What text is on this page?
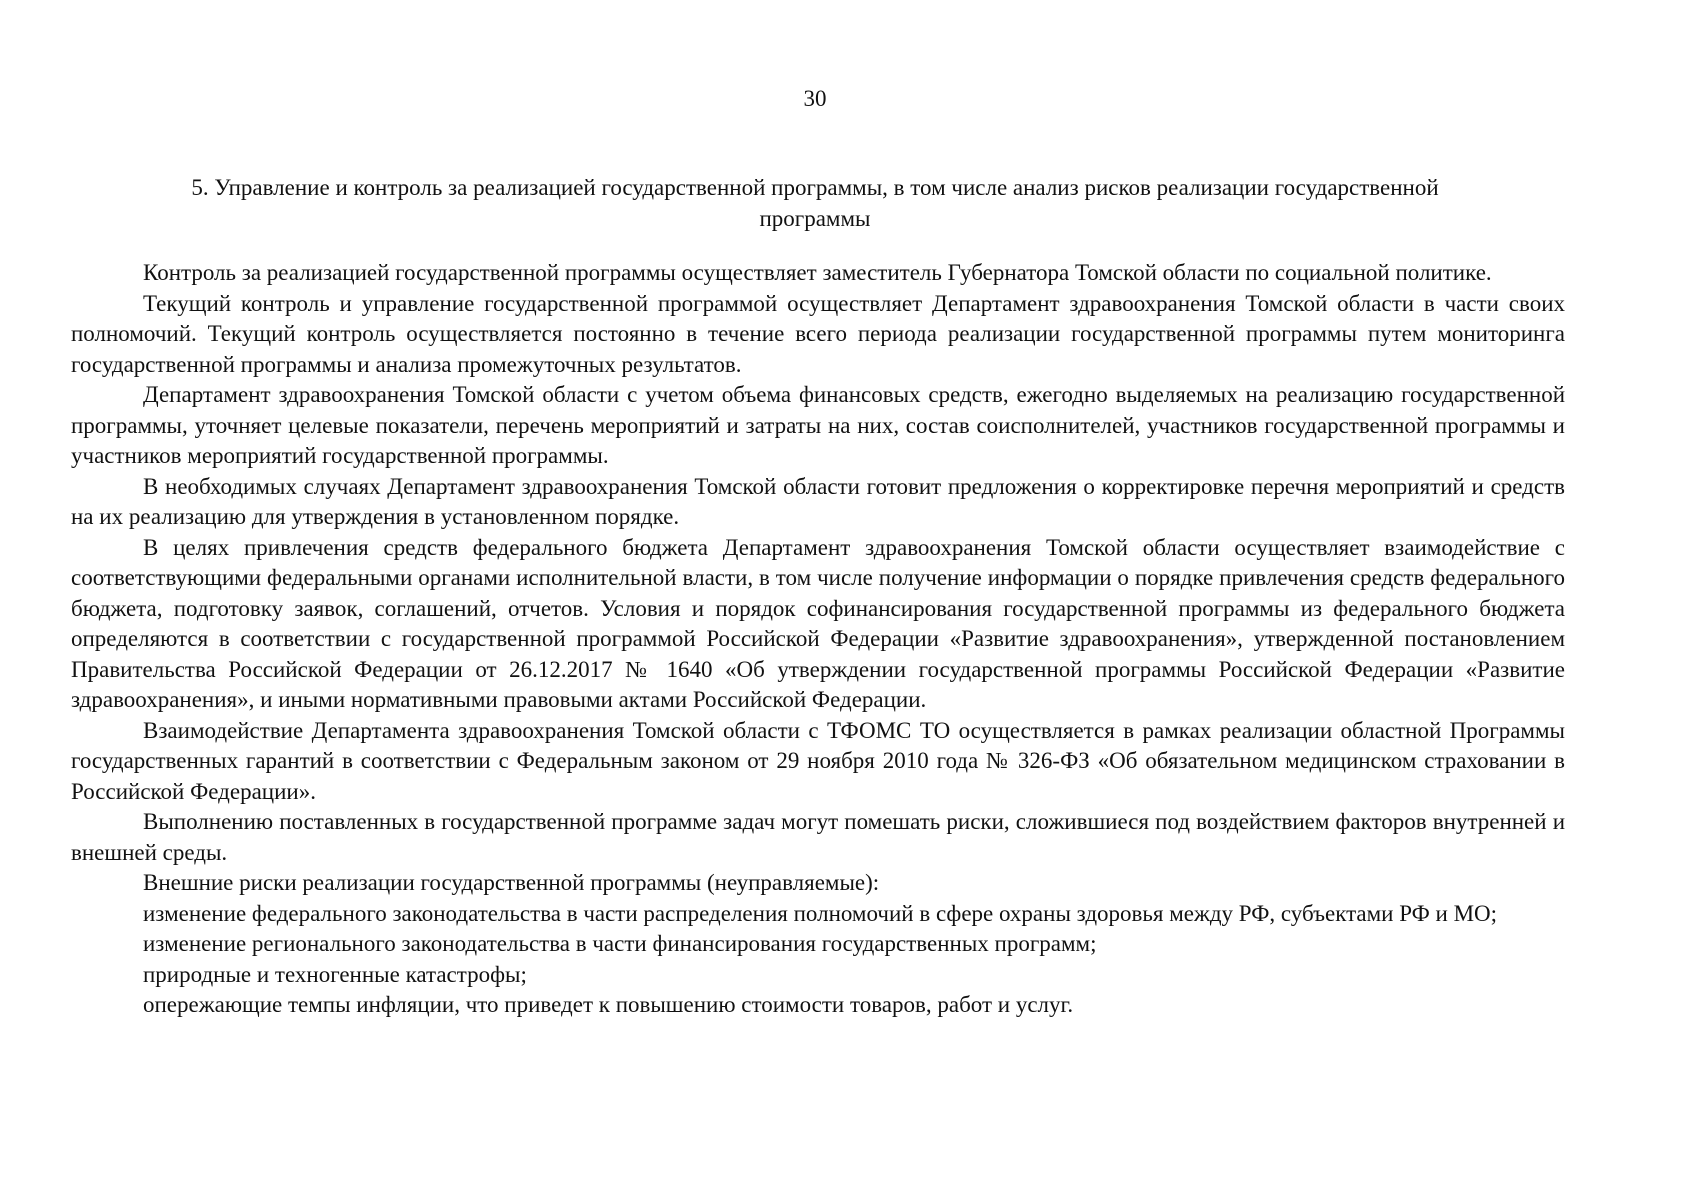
30
5. Управление и контроль за реализацией государственной программы, в том числе анализ рисков реализации государственной программы

Контроль за реализацией государственной программы осуществляет заместитель Губернатора Томской области по социальной политике.

Текущий контроль и управление государственной программой осуществляет Департамент здравоохранения Томской области в части своих полномочий. Текущий контроль осуществляется постоянно в течение всего периода реализации государственной программы путем мониторинга государственной программы и анализа промежуточных результатов.

Департамент здравоохранения Томской области с учетом объема финансовых средств, ежегодно выделяемых на реализацию государственной программы, уточняет целевые показатели, перечень мероприятий и затраты на них, состав соисполнителей, участников государственной программы и участников мероприятий государственной программы.

В необходимых случаях Департамент здравоохранения Томской области готовит предложения о корректировке перечня мероприятий и средств на их реализацию для утверждения в установленном порядке.

В целях привлечения средств федерального бюджета Департамент здравоохранения Томской области осуществляет взаимодействие с соответствующими федеральными органами исполнительной власти, в том числе получение информации о порядке привлечения средств федерального бюджета, подготовку заявок, соглашений, отчетов. Условия и порядок софинансирования государственной программы из федерального бюджета определяются в соответствии с государственной программой Российской Федерации «Развитие здравоохранения», утвержденной постановлением Правительства Российской Федерации от 26.12.2017 № 1640 «Об утверждении государственной программы Российской Федерации «Развитие здравоохранения», и иными нормативными правовыми актами Российской Федерации.

Взаимодействие Департамента здравоохранения Томской области с ТФОМС ТО осуществляется в рамках реализации областной Программы государственных гарантий в соответствии с Федеральным законом от 29 ноября 2010 года № 326-ФЗ «Об обязательном медицинском страховании в Российской Федерации».

Выполнению поставленных в государственной программе задач могут помешать риски, сложившиеся под воздействием факторов внутренней и внешней среды.

Внешние риски реализации государственной программы (неуправляемые):

изменение федерального законодательства в части распределения полномочий в сфере охраны здоровья между РФ, субъектами РФ и МО;

изменение регионального законодательства в части финансирования государственных программ;

природные и техногенные катастрофы;

опережающие темпы инфляции, что приведет к повышению стоимости товаров, работ и услуг.
